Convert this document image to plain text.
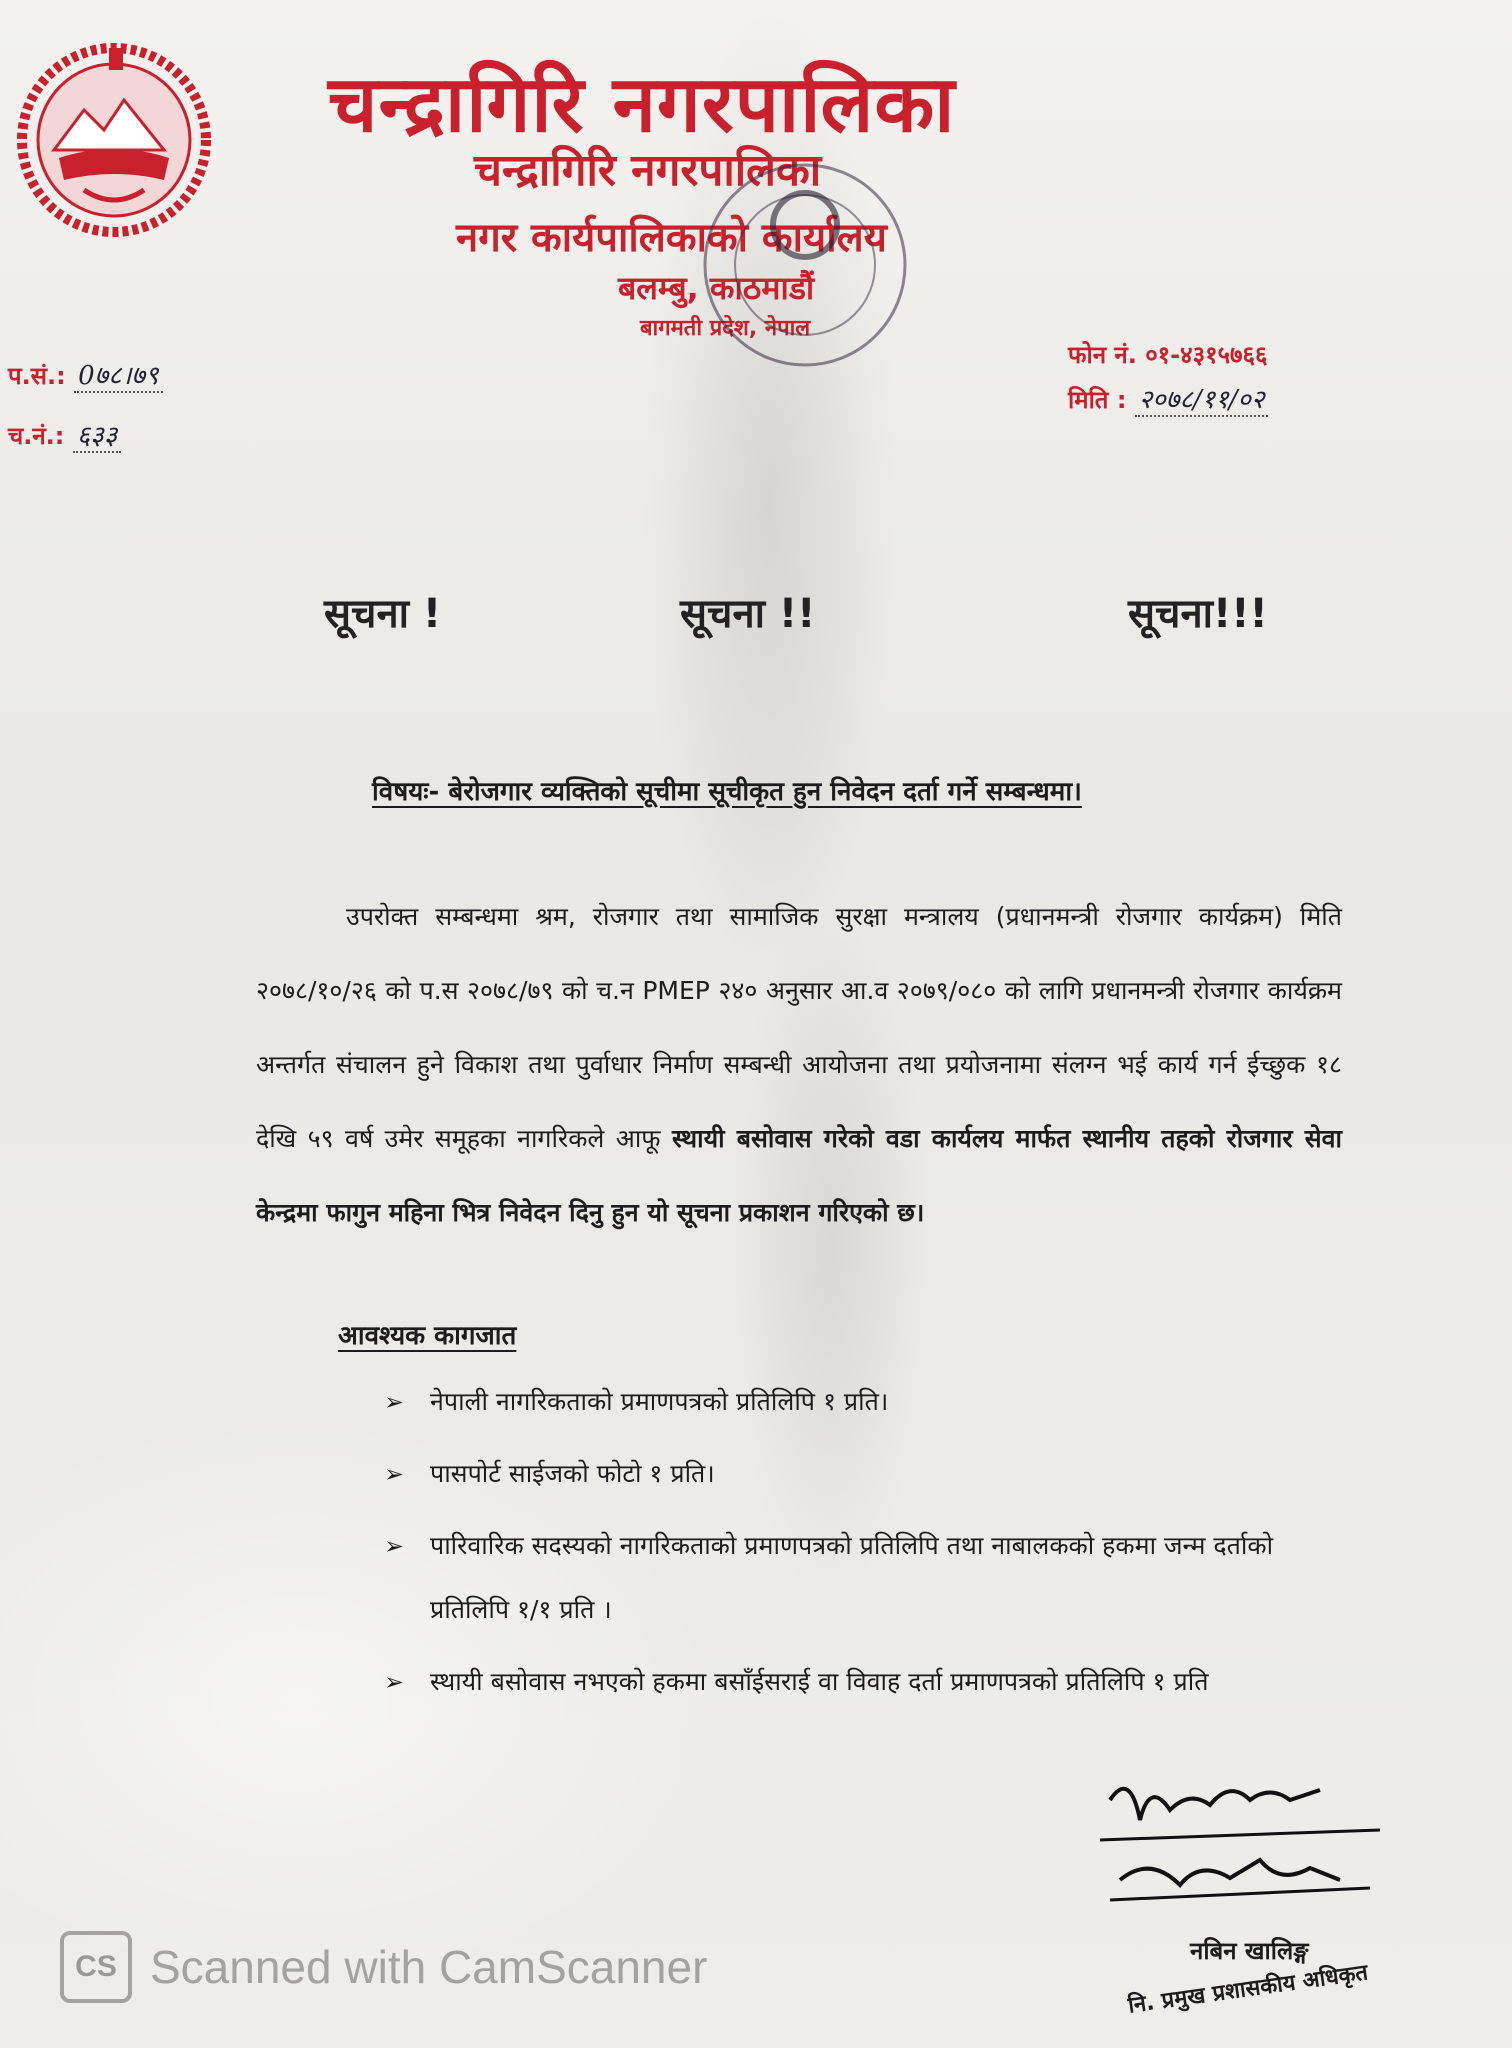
चन्द्रागिरि नगरपालिका
चन्द्रागिरि नगरपालिका
नगर कार्यपालिकाको कार्यालय
बलम्बु, काठमाडौं
बागमती प्रदेश, नेपाल
प.सं.: 0७८।७९
च.नं.: ६३३
फोन नं. ०१-४३१५७६६
मिति : २०७८/११/०२
सूचना !	सूचना !!	सूचना!!!
विषयः- बेरोजगार व्यक्तिको सूचीमा सूचीकृत हुन निवेदन दर्ता गर्ने सम्बन्धमा।
उपरोक्त सम्बन्धमा श्रम, रोजगार तथा सामाजिक सुरक्षा मन्त्रालय (प्रधानमन्त्री रोजगार कार्यक्रम) मिति २०७८/१०/२६ को प.स २०७८/७९ को च.न PMEP २४० अनुसार आ.व २०७९/०८० को लागि प्रधानमन्त्री रोजगार कार्यक्रम अन्तर्गत संचालन हुने विकाश तथा पुर्वाधार निर्माण सम्बन्धी आयोजना तथा प्रयोजनामा संलग्न भई कार्य गर्न ईच्छुक १८ देखि ५९ वर्ष उमेर समूहका नागरिकले आफू स्थायी बसोवास गरेको वडा कार्यलय मार्फत स्थानीय तहको रोजगार सेवा केन्द्रमा फागुन महिना भित्र निवेदन दिनु हुन यो सूचना प्रकाशन गरिएको छ।
आवश्यक कागजात
➢ नेपाली नागरिकताको प्रमाणपत्रको प्रतिलिपि १ प्रति।
➢ पासपोर्ट साईजको फोटो १ प्रति।
➢ पारिवारिक सदस्यको नागरिकताको प्रमाणपत्रको प्रतिलिपि तथा नाबालकको हकमा जन्म दर्ताको प्रतिलिपि १/१ प्रति ।
➢ स्थायी बसोवास नभएको हकमा बसाँईसराई वा विवाह दर्ता प्रमाणपत्रको प्रतिलिपि १ प्रति
नबिन खालिङ्ग
नि. प्रमुख प्रशासकीय अधिकृत
CS Scanned with CamScanner
